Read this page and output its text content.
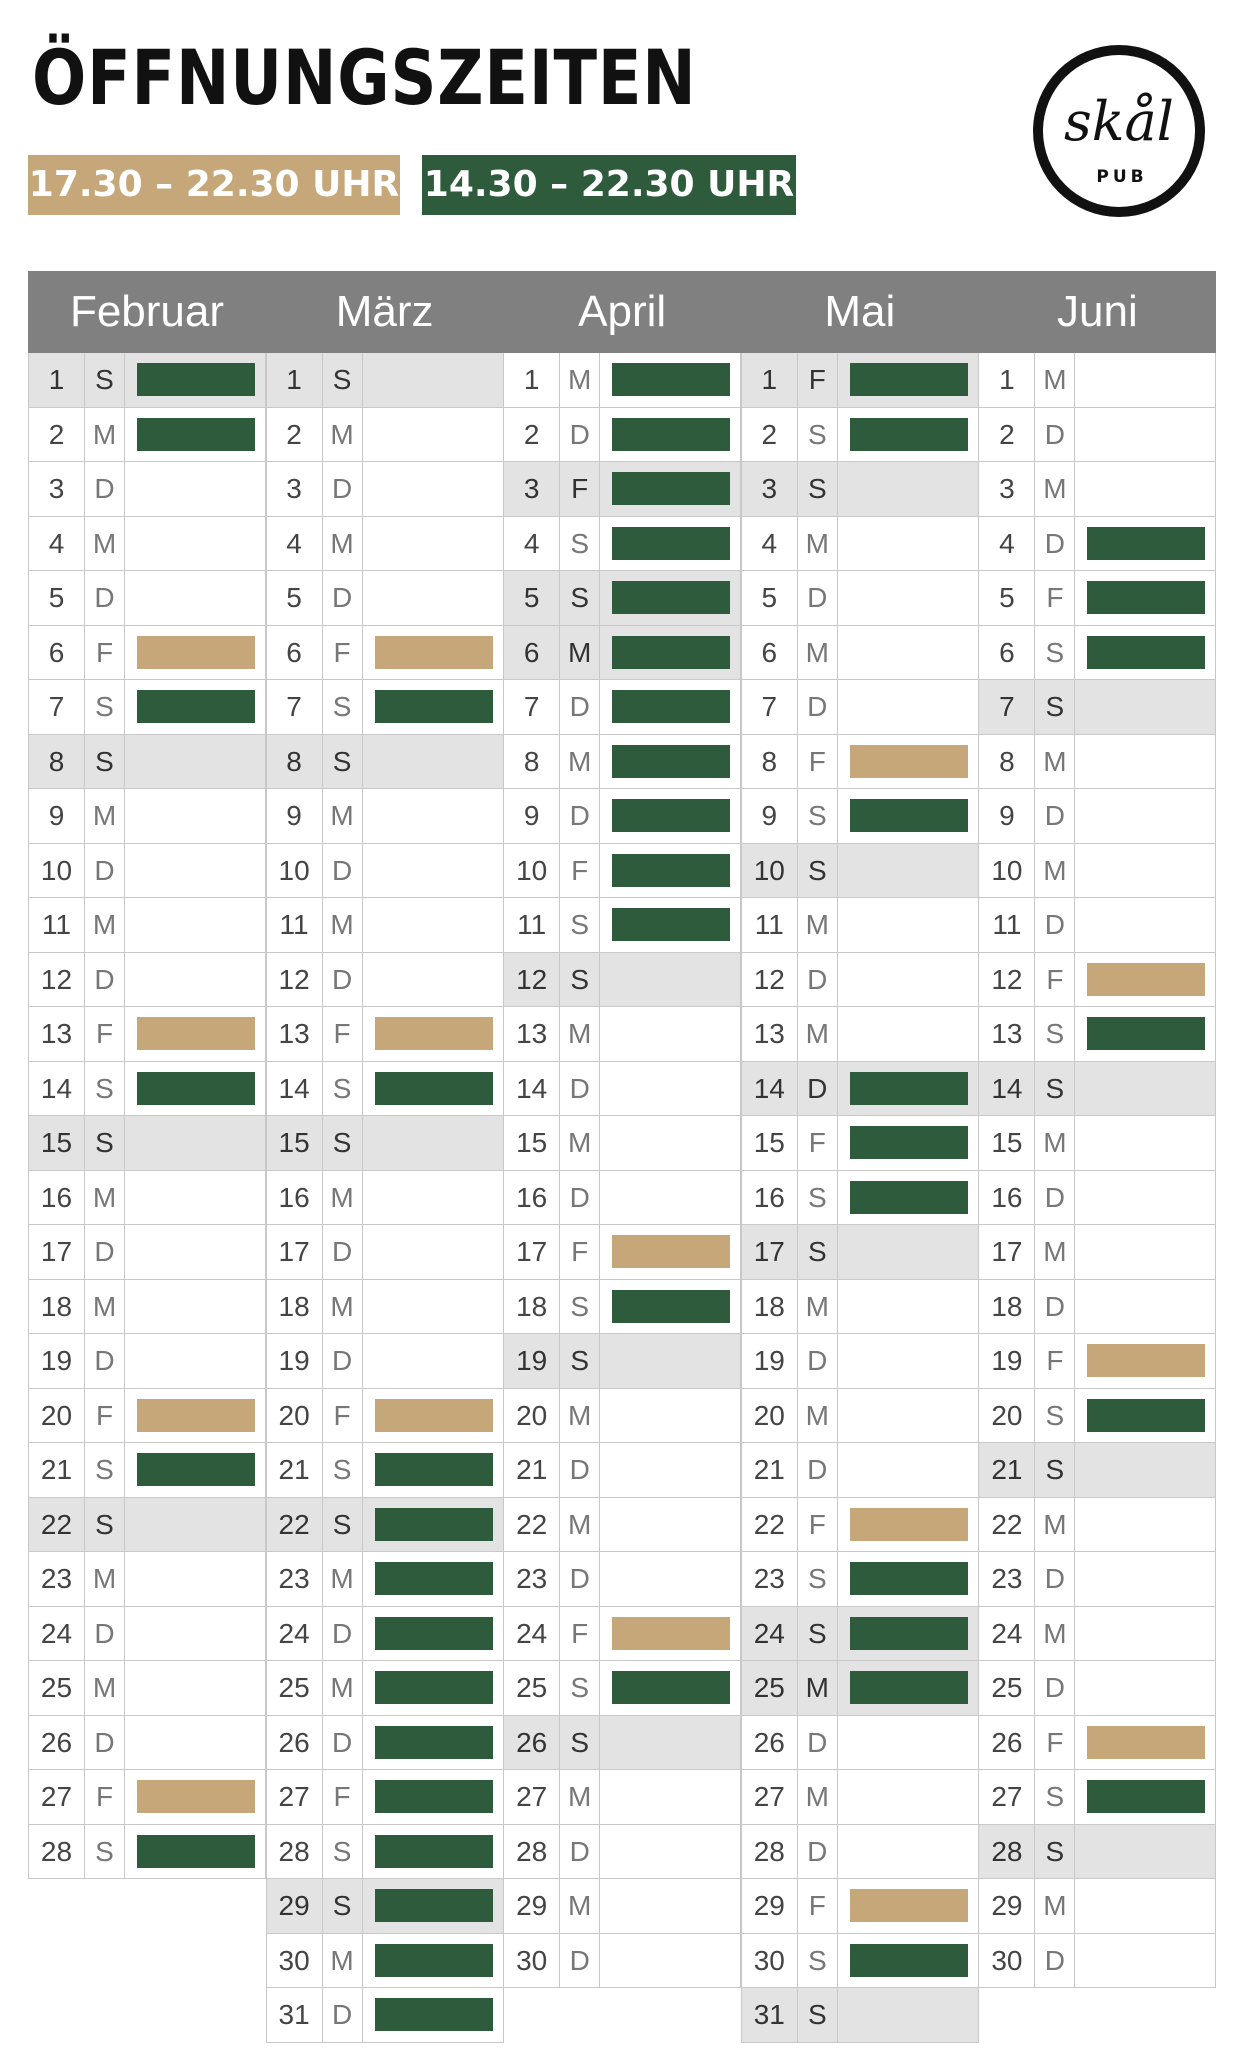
ÖFFNUNGSZEITEN
17.30 – 22.30 UHR 14.30 – 22.30 UHR
skål
PUB
Februar
1	S
2	M
3	D
4	M
5	D
6	F
7	S
8	S
9	M
10 D
11 M
12 D
13 F
14 S
15 S
16 M
17 D
18 M
19 D
20 F
21 S
22 S
23 M
24 D
25 M
26 D
27 F
28 S
März
1	S
2	M
3	D
4	M
5	D
6	F
7	S
8	S
9	M
10 D
11 M
12 D
13 F
14 S
15 S
16 M
17 D
18 M
19 D
20 F
21 S
22 S
23 M
24 D
25 M
26 D
27 F
28 S
29 S
30 M
31 D
April
1	M
2	D
3	F
4	S
5	S
6	M
7	D
8	M
9	D
10 F
11 S
12 S
13 M
14 D
15 M
16 D
17 F
18 S
19 S
20 M
21 D
22 M
23 D
24 F
25 S
26 S
27 M
28 D
29 M
30 D
Mai
1	F
2	S
3	S
4	M
5	D
6	M
7	D
8	F
9	S
10 S
11 M
12 D
13 M
14 D
15 F
16 S
17 S
18 M
19 D
20 M
21 D
22 F
23 S
24 S
25 M
26 D
27 M
28 D
29 F
30 S
31 S
Juni
1	M
2	D
3	M
4	D
5	F
6	S
7	S
8	M
9	D
10 M
11 D
12 F
13 S
14 S
15 M
16 D
17 M
18 D
19 F
20 S
21 S
22 M
23 D
24 M
25 D
26 F
27 S
28 S
29 M
30 D
